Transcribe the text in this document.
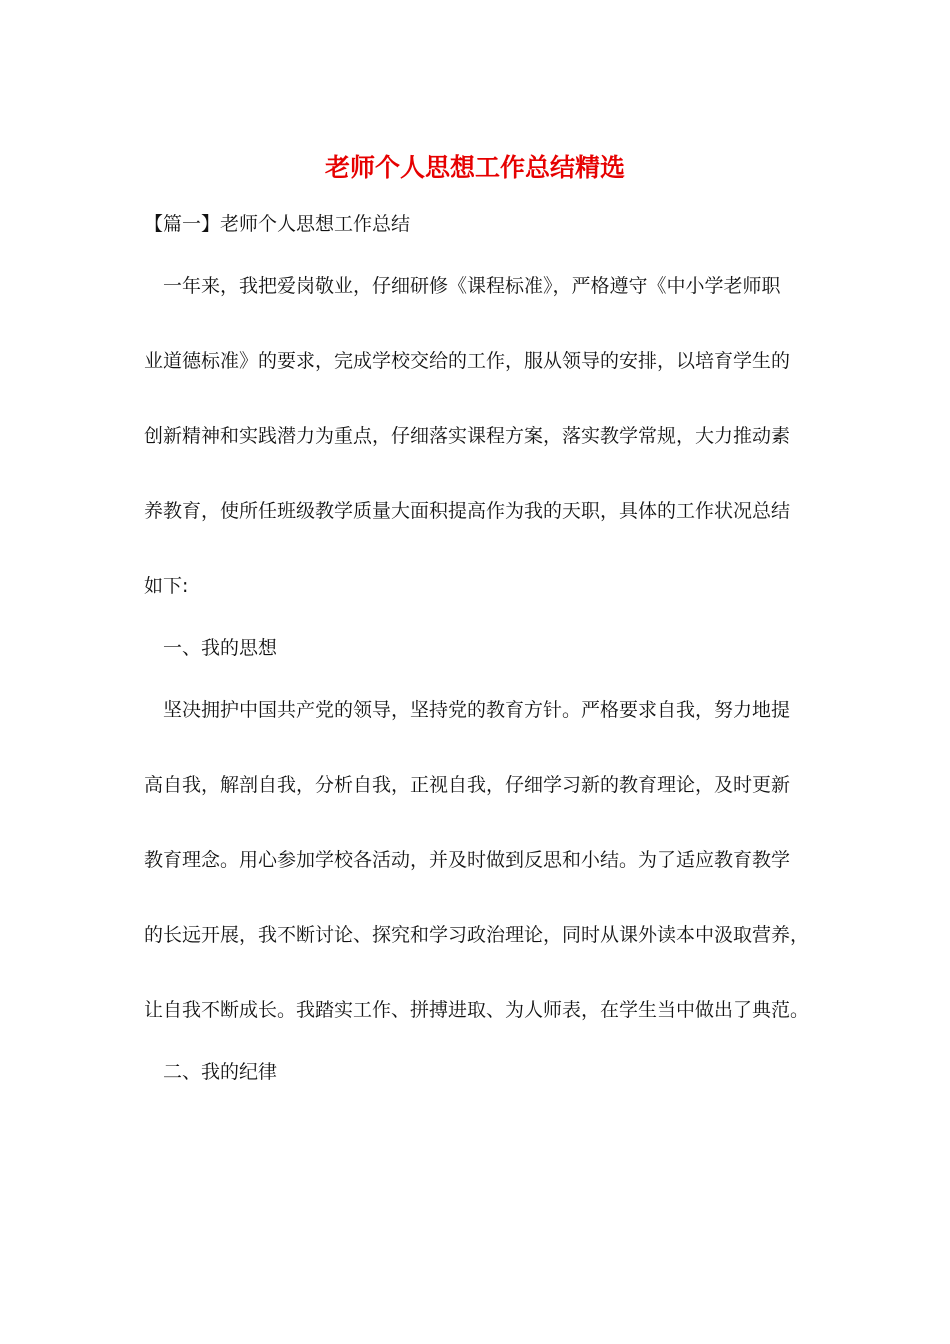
老师个人思想工作总结精选

【篇一】老师个人思想工作总结

一年来，我把爱岗敬业，仔细研修《课程标准》，严格遵守《中小学老师职

业道德标准》的要求，完成学校交给的工作，服从领导的安排，以培育学生的

创新精神和实践潜力为重点，仔细落实课程方案，落实教学常规，大力推动素

养教育，使所任班级教学质量大面积提高作为我的天职，具体的工作状况总结

如下:

一、我的思想

坚决拥护中国共产党的领导，坚持党的教育方针。严格要求自我，努力地提

高自我，解剖自我，分析自我，正视自我，仔细学习新的教育理论，及时更新

教育理念。用心参加学校各活动，并及时做到反思和小结。为了适应教育教学

的长远开展，我不断讨论、探究和学习政治理论，同时从课外读本中汲取营养，

让自我不断成长。我踏实工作、拼搏进取、为人师表，在学生当中做出了典范。

二、我的纪律
